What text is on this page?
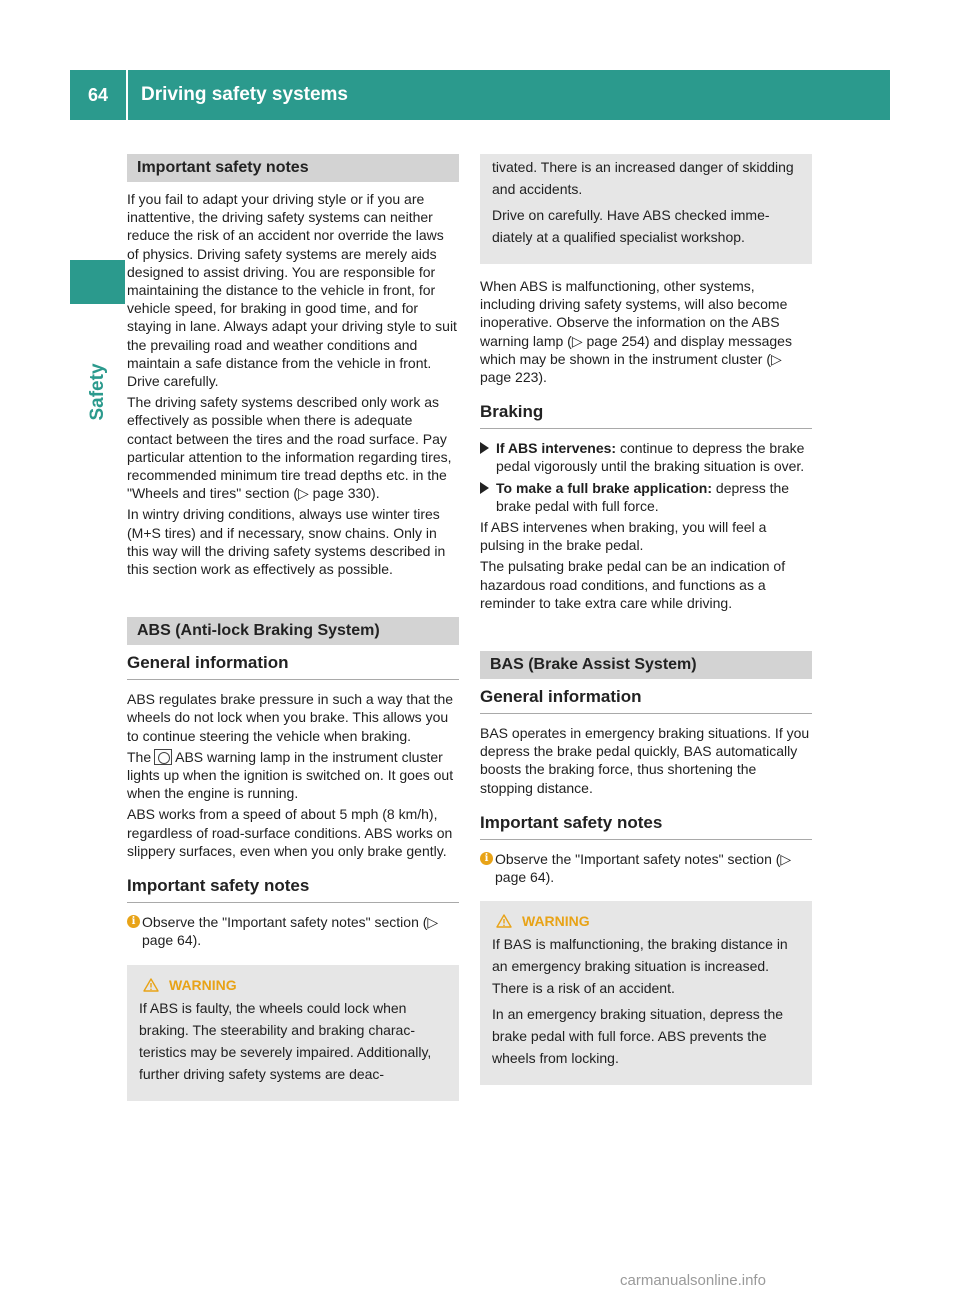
64	Driving safety systems
Safety
Important safety notes

If you fail to adapt your driving style or if you are inattentive, the driving safety systems can neither reduce the risk of an accident nor override the laws of physics. Driving safety systems are merely aids designed to assist driving. You are responsible for maintaining the distance to the vehicle in front, for vehicle speed, for braking in good time, and for staying in lane. Always adapt your driving style to suit the prevailing road and weather conditions and maintain a safe distance from the vehicle in front. Drive carefully.

The driving safety systems described only work as effectively as possible when there is adequate contact between the tires and the road surface. Pay particular attention to the information regarding tires, recommended minimum tire tread depths etc. in the "Wheels and tires" section (▷ page 330).

In wintry driving conditions, always use winter tires (M+S tires) and if necessary, snow chains. Only in this way will the driving safety systems described in this section work as effectively as possible.

ABS (Anti-lock Braking System)
General information

ABS regulates brake pressure in such a way that the wheels do not lock when you brake. This allows you to continue steering the vehicle when braking.

The ABS warning lamp in the instrument cluster lights up when the ignition is switched on. It goes out when the engine is running.

ABS works from a speed of about 5 mph (8 km/h), regardless of road-surface conditions. ABS works on slippery surfaces, even when you only brake gently.

Important safety notes
i Observe the "Important safety notes" section (▷ page 64).
WARNING

If ABS is faulty, the wheels could lock when braking. The steerability and braking characteristics may be severely impaired. Additionally, further driving safety systems are deac-

tivated. There is an increased danger of skidding and accidents.

Drive on carefully. Have ABS checked immediately at a qualified specialist workshop.

When ABS is malfunctioning, other systems, including driving safety systems, will also become inoperative. Observe the information on the ABS warning lamp (▷ page 254) and display messages which may be shown in the instrument cluster (▷ page 223).

Braking
If ABS intervenes: continue to depress the brake pedal vigorously until the braking situation is over.
To make a full brake application: depress the brake pedal with full force.

If ABS intervenes when braking, you will feel a pulsing in the brake pedal.

The pulsating brake pedal can be an indication of hazardous road conditions, and functions as a reminder to take extra care while driving.

BAS (Brake Assist System)
General information

BAS operates in emergency braking situations. If you depress the brake pedal quickly, BAS automatically boosts the braking force, thus shortening the stopping distance.

Important safety notes
i Observe the "Important safety notes" section (▷ page 64).
WARNING

If BAS is malfunctioning, the braking distance in an emergency braking situation is increased. There is a risk of an accident.

In an emergency braking situation, depress the brake pedal with full force. ABS prevents the wheels from locking.

carmanualsonline.info
